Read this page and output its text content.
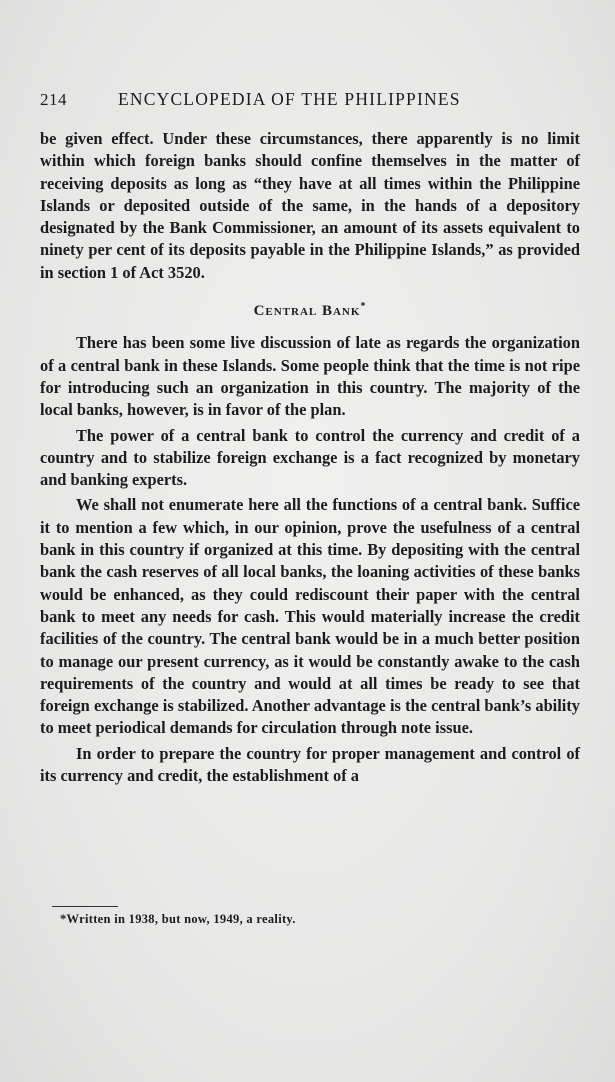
214	ENCYCLOPEDIA OF THE PHILIPPINES

be given effect. Under these circumstances, there apparently is no limit within which foreign banks should confine themselves in the matter of receiving deposits as long as “they have at all times within the Philippine Islands or deposited outside of the same, in the hands of a depository designated by the Bank Commissioner, an amount of its assets equivalent to ninety per cent of its deposits payable in the Philippine Islands,” as provided in section 1 of Act 3520.

Central Bank*

There has been some live discussion of late as regards the organization of a central bank in these Islands. Some people think that the time is not ripe for introducing such an organization in this country. The majority of the local banks, however, is in favor of the plan.

The power of a central bank to control the currency and credit of a country and to stabilize foreign exchange is a fact recognized by monetary and banking experts.

We shall not enumerate here all the functions of a central bank. Suffice it to mention a few which, in our opinion, prove the usefulness of a central bank in this country if organized at this time. By depositing with the central bank the cash reserves of all local banks, the loaning activities of these banks would be enhanced, as they could rediscount their paper with the central bank to meet any needs for cash. This would materially increase the credit facilities of the country. The central bank would be in a much better position to manage our present currency, as it would be constantly awake to the cash requirements of the country and would at all times be ready to see that foreign exchange is stabilized. Another advantage is the central bank’s ability to meet periodical demands for circulation through note issue.

In order to prepare the country for proper management and control of its currency and credit, the establishment of a

*Written in 1938, but now, 1949, a reality.
